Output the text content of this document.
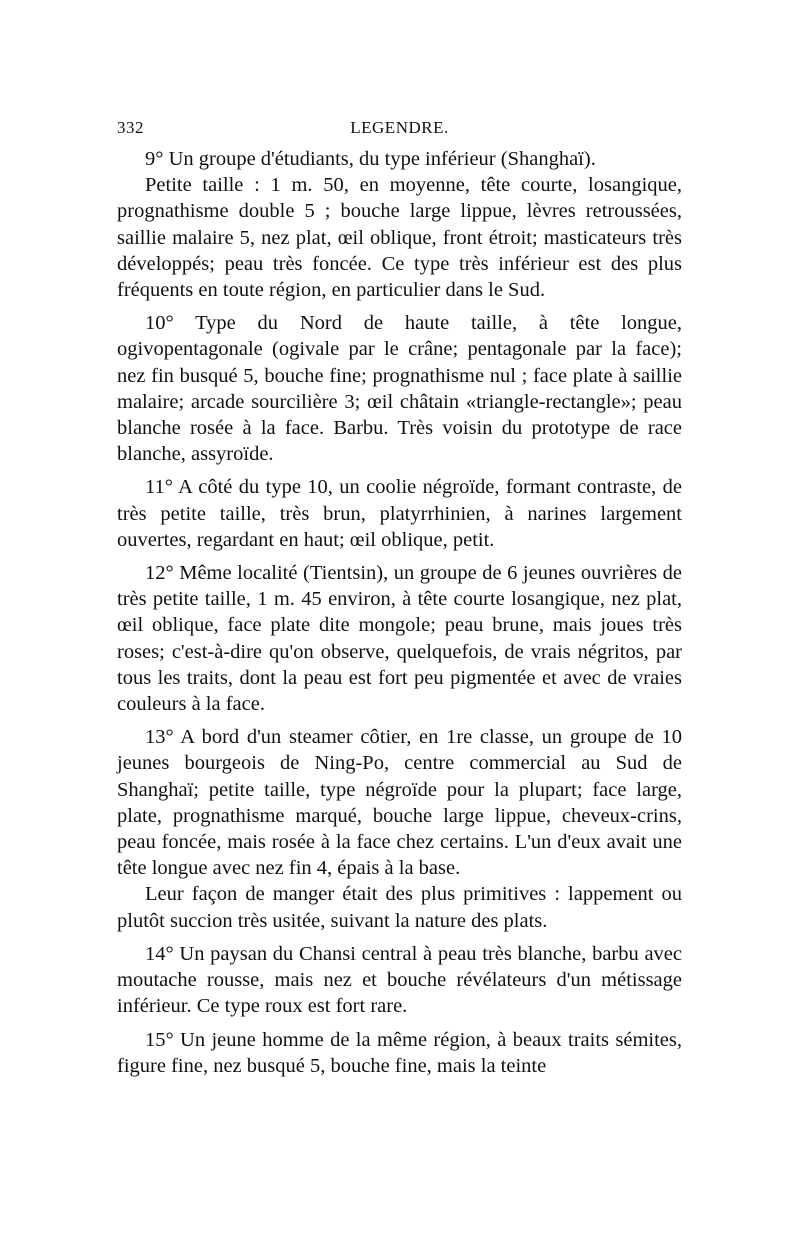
332	LEGENDRE.

9° Un groupe d'étudiants, du type inférieur (Shanghaï).

Petite taille : 1 m. 50, en moyenne, tête courte, losangique, prognathisme double 5 ; bouche large lippue, lèvres retroussées, saillie malaire 5, nez plat, œil oblique, front étroit; masticateurs très développés; peau très foncée. Ce type très inférieur est des plus fréquents en toute région, en particulier dans le Sud.

10° Type du Nord de haute taille, à tête longue, ogivopentagonale (ogivale par le crâne; pentagonale par la face); nez fin busqué 5, bouche fine; prognathisme nul ; face plate à saillie malaire; arcade sourcilière 3; œil châtain «triangle-rectangle»; peau blanche rosée à la face. Barbu. Très voisin du prototype de race blanche, assyroïde.

11° A côté du type 10, un coolie négroïde, formant contraste, de très petite taille, très brun, platyrrhinien, à narines largement ouvertes, regardant en haut; œil oblique, petit.

12° Même localité (Tientsin), un groupe de 6 jeunes ouvrières de très petite taille, 1 m. 45 environ, à tête courte losangique, nez plat, œil oblique, face plate dite mongole; peau brune, mais joues très roses; c'est-à-dire qu'on observe, quelquefois, de vrais négritos, par tous les traits, dont la peau est fort peu pigmentée et avec de vraies couleurs à la face.

13° A bord d'un steamer côtier, en 1re classe, un groupe de 10 jeunes bourgeois de Ning-Po, centre commercial au Sud de Shanghaï; petite taille, type négroïde pour la plupart; face large, plate, prognathisme marqué, bouche large lippue, cheveux-crins, peau foncée, mais rosée à la face chez certains. L'un d'eux avait une tête longue avec nez fin 4, épais à la base.

Leur façon de manger était des plus primitives : lappement ou plutôt succion très usitée, suivant la nature des plats.

14° Un paysan du Chansi central à peau très blanche, barbu avec moutache rousse, mais nez et bouche révélateurs d'un métissage inférieur. Ce type roux est fort rare.

15° Un jeune homme de la même région, à beaux traits sémites, figure fine, nez busqué 5, bouche fine, mais la teinte
